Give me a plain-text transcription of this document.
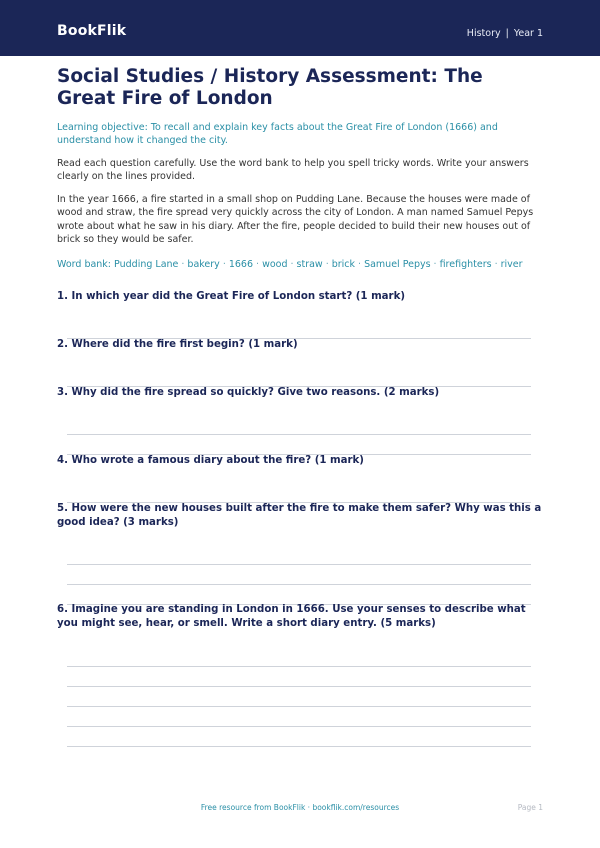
BookFlik	History | Year 1
Social Studies / History Assessment: The Great Fire of London
Learning objective: To recall and explain key facts about the Great Fire of London (1666) and understand how it changed the city.
Read each question carefully. Use the word bank to help you spell tricky words. Write your answers clearly on the lines provided.
In the year 1666, a fire started in a small shop on Pudding Lane. Because the houses were made of wood and straw, the fire spread very quickly across the city of London. A man named Samuel Pepys wrote about what he saw in his diary. After the fire, people decided to build their new houses out of brick so they would be safer.
Word bank: Pudding Lane · bakery · 1666 · wood · straw · brick · Samuel Pepys · firefighters · river
1. In which year did the Great Fire of London start? (1 mark)
2. Where did the fire first begin? (1 mark)
3. Why did the fire spread so quickly? Give two reasons. (2 marks)
4. Who wrote a famous diary about the fire? (1 mark)
5. How were the new houses built after the fire to make them safer? Why was this a good idea? (3 marks)
6. Imagine you are standing in London in 1666. Use your senses to describe what you might see, hear, or smell. Write a short diary entry. (5 marks)
Free resource from BookFlik · bookflik.com/resources	Page 1
